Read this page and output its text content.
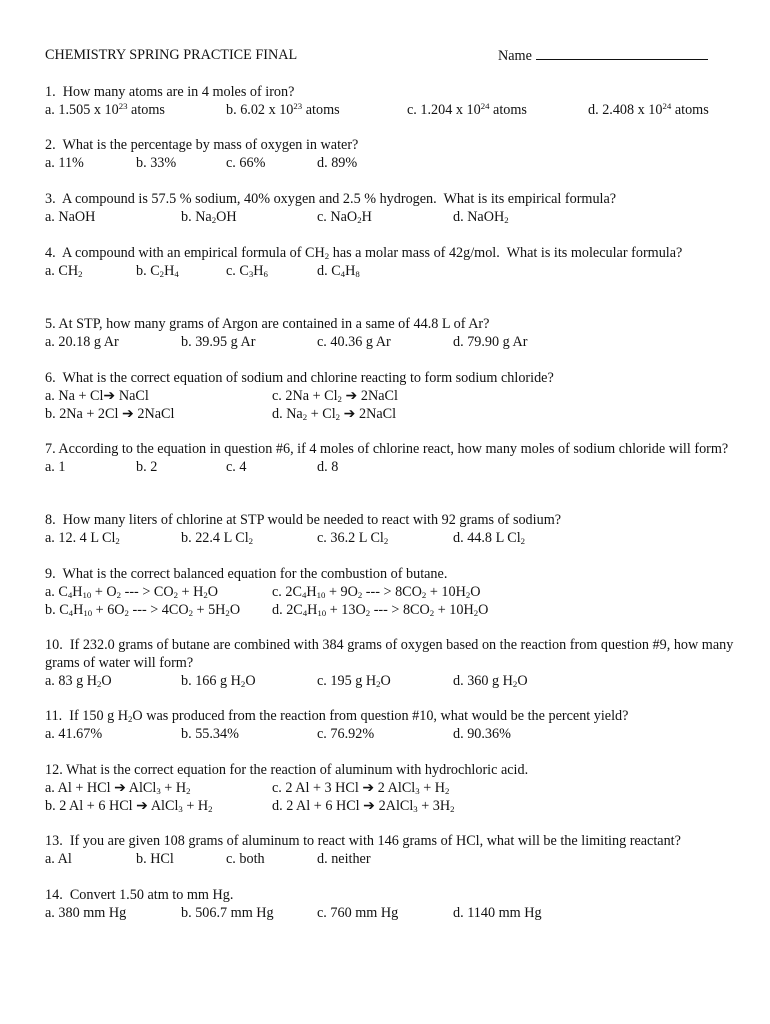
CHEMISTRY SPRING PRACTICE FINAL	Name
1.  How many atoms are in 4 moles of iron?
a. 1.505 x $10^{23}$ atoms	b. 6.02 x $10^{23}$ atoms	c. 1.204 x $10^{24}$ atoms	d. 2.408 x $10^{24}$ atoms
2.  What is the percentage by mass of oxygen in water?
a. 11%	b. 33%	c. 66%	d. 89%
3.  A compound is 57.5 % sodium, 40% oxygen and 2.5 % hydrogen.  What is its empirical formula?
a. NaOH	b. $Na_2OH$	c. NaO$_2$H	d. NaOH$_2$
4.  A compound with an empirical formula of $CH_2$ has a molar mass of 42g/mol.  What is its molecular formula?
a. $CH_2$	b. $C_2H_4$	c. $C_3H_6$	d. $C_4H_8$
5. At STP, how many grams of Argon are contained in a same of 44.8 L of Ar?
a. 20.18 g Ar	b. 39.95 g Ar	c. 40.36 g Ar	d. 79.90 g Ar
6.  What is the correct equation of sodium and chlorine reacting to form sodium chloride?
a. Na + Cl➔ NaCl	c. $2Na + Cl_2$ ➔ 2NaCl
b. 2Na + 2Cl ➔ 2NaCl	d. $Na_2 + Cl_2$ ➔ 2NaCl
7. According to the equation in question #6, if 4 moles of chlorine react, how many moles of sodium chloride will form?
a. 1	b. 2	c. 4	d. 8
8.  How many liters of chlorine at STP would be needed to react with 92 grams of sodium?
a. 12. 4 L $Cl_2$	b. 22.4 L $Cl_2$	c. 36.2 L $Cl_2$	d. 44.8 L $Cl_2$
9.  What is the correct balanced equation for the combustion of butane.
a. $C_4H_{10} + O_2$ --- > $CO_2 + H_2O$	c. $2C_4H_{10} + 9O_2$ --- > $8CO_2 + 10H_2O$
b. $C_4H_{10} + 6O_2$ --- > $4CO_2 + 5H_2O$ d. $2C_4H_{10} + 13O_2$ --- > $8CO_2 + 10H_2O$
10.  If 232.0 grams of butane are combined with 384 grams of oxygen based on the reaction from question #9, how many grams of water will form?
a. 83 g $H_2O$	b. 166 g $H_2O$	c. 195 g $H_2O$	d. 360 g $H_2O$
11.  If 150 g $H_2O$ was produced from the reaction from question #10, what would be the percent yield?
a. 41.67%	b. 55.34%	c. 76.92%	d. 90.36%
12. What is the correct equation for the reaction of aluminum with hydrochloric acid.
a. Al + HCl ➔ AlCl$_3$ + $H_2$	c. 2 Al + 3 HCl ➔ 2 AlCl$_3$ + $H_2$
b. 2 Al + 6 HCl ➔ AlCl$_3$ + $H_2$	d. 2 Al + 6 HCl ➔ 2AlCl$_3$ + $3H_2$
13.  If you are given 108 grams of aluminum to react with 146 grams of HCl, what will be the limiting reactant?
a. Al	b. HCl	c. both	d. neither
14.  Convert 1.50 atm to mm Hg.
a. 380 mm Hg	b. 506.7 mm Hg	c. 760 mm Hg	d. 1140 mm Hg
